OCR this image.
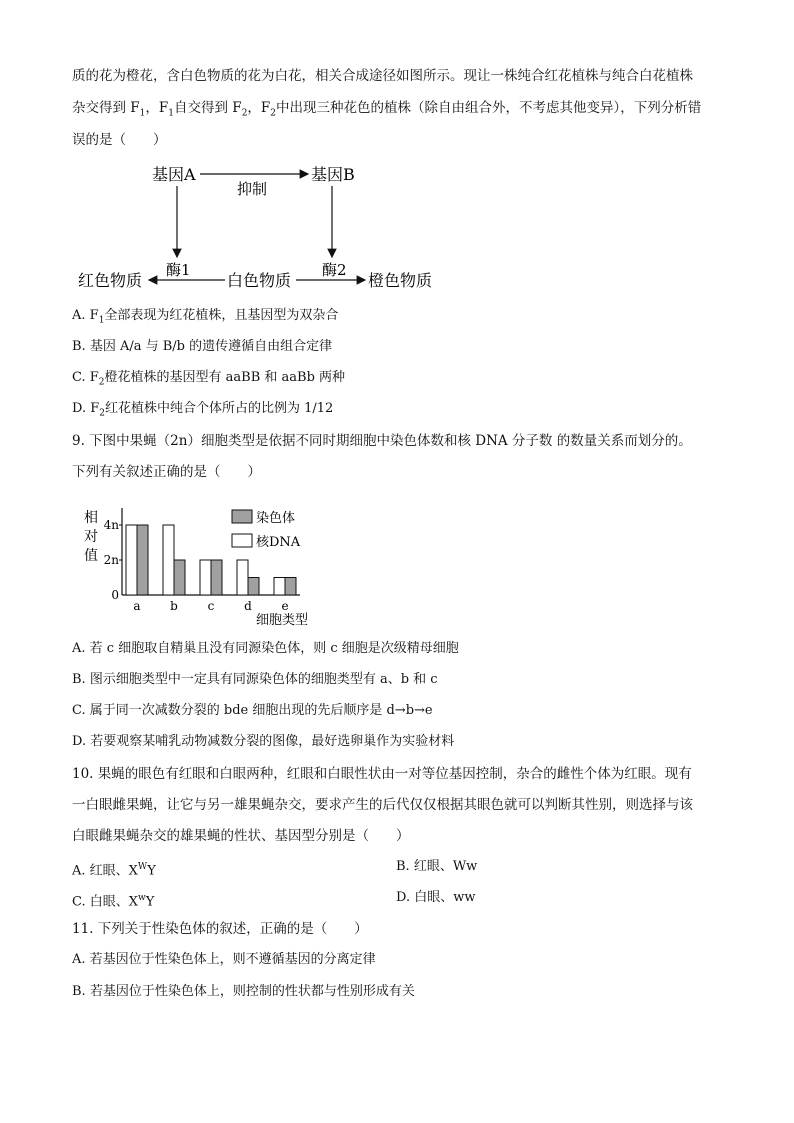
质的花为橙花，含白色物质的花为白花，相关合成途径如图所示。现让一株纯合红花植株与纯合白花植株
杂交得到 $F_1$，$F_1$自交得到 $F_2$，$F_2$中出现三种花色的植株（除自由组合外，不考虑其他变异），下列分析错
误的是（　　）
基因A	基因B
抑制
酶1	酶2
红色物质	白色物质	橙色物质
A. $F_1$全部表现为红花植株，且基因型为双杂合
B. 基因 A/a 与 B/b 的遗传遵循自由组合定律
C. $F_2$橙花植株的基因型有 aaBB 和 aaBb 两种
D. $F_2$红花植株中纯合个体所占的比例为 1/12
9. 下图中果蝇（2n）细胞类型是依据不同时期细胞中染色体数和核 DNA 分子数 的数量关系而划分的。
下列有关叙述正确的是（　　）
相
对
值
4n
2n
0
a b c d e
细胞类型
染色体
核DNA
A. 若 c 细胞取自精巢且没有同源染色体，则 c 细胞是次级精母细胞
B. 图示细胞类型中一定具有同源染色体的细胞类型有 a、b 和 c
C. 属于同一次减数分裂的 bde 细胞出现的先后顺序是 d→b→e
D. 若要观察某哺乳动物减数分裂的图像，最好选卵巢作为实验材料
10. 果蝇的眼色有红眼和白眼两种，红眼和白眼性状由一对等位基因控制，杂合的雌性个体为红眼。现有
一白眼雌果蝇，让它与另一雄果蝇杂交，要求产生的后代仅仅根据其眼色就可以判断其性别，则选择与该
白眼雌果蝇杂交的雄果蝇的性状、基因型分别是（　　）
A. 红眼、$X^WY$	B. 红眼、Ww
C. 白眼、$X^wY$	D. 白眼、ww
11. 下列关于性染色体的叙述，正确的是（　　）
A. 若基因位于性染色体上，则不遵循基因的分离定律
B. 若基因位于性染色体上，则控制的性状都与性别形成有关
